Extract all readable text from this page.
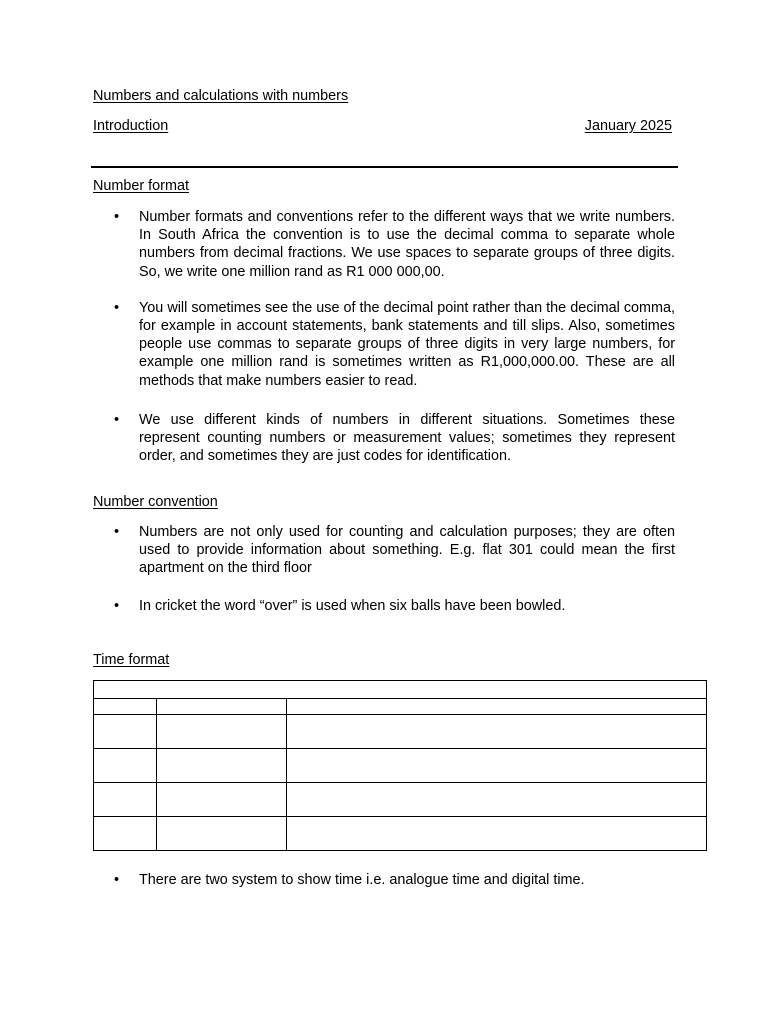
Numbers and calculations with numbers
Introduction	January 2025
Number format
• Number formats and conventions refer to the different ways that we write numbers. In South Africa the convention is to use the decimal comma to separate whole numbers from decimal fractions. We use spaces to separate groups of three digits. So, we write one million rand as R1 000 000,00.
• You will sometimes see the use of the decimal point rather than the decimal comma, for example in account statements, bank statements and till slips. Also, sometimes people use commas to separate groups of three digits in very large numbers, for example one million rand is sometimes written as R1,000,000.00. These are all methods that make numbers easier to read.
• We use different kinds of numbers in different situations. Sometimes these represent counting numbers or measurement values; sometimes they represent order, and sometimes they are just codes for identification.
Number convention
• Numbers are not only used for counting and calculation purposes; they are often used to provide information about something. E.g. flat 301 could mean the first apartment on the third floor
• In cricket the word “over” is used when six balls have been bowled.
Time format

• There are two system to show time i.e. analogue time and digital time.
